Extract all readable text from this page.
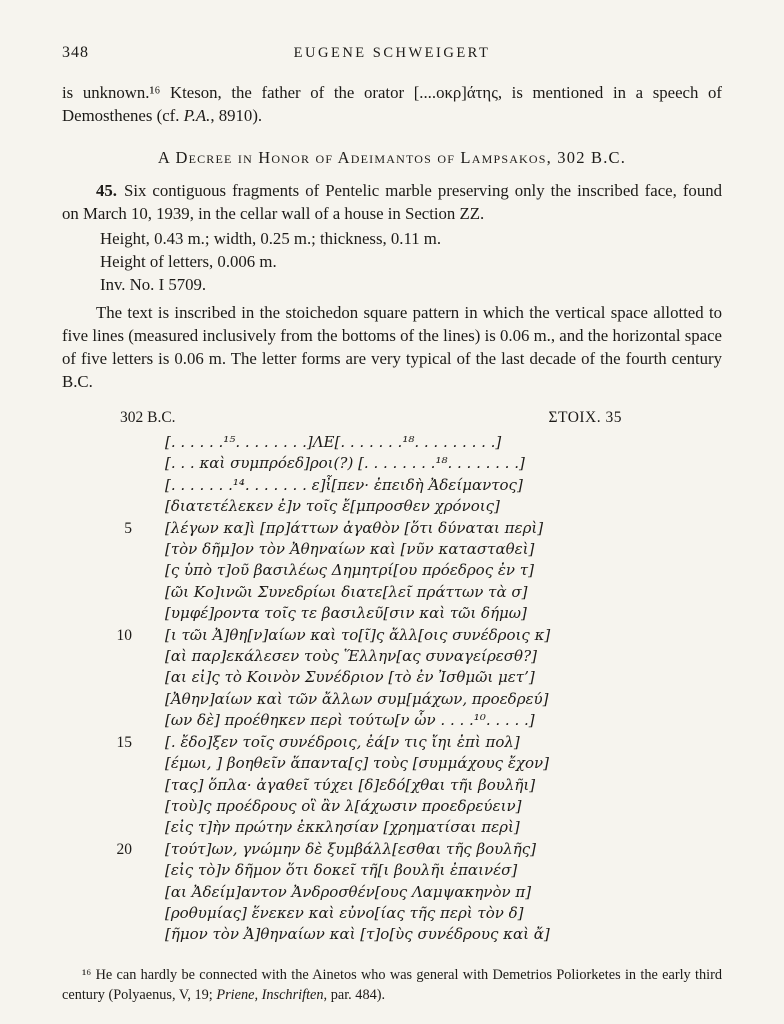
348	EUGENE SCHWEIGERT

is unknown.¹⁶ Kteson, the father of the orator [....οκρ]άτης, is mentioned in a speech of Demosthenes (cf. P.A., 8910).

A Decree in Honor of Adeimantos of Lampsakos, 302 B.C.

45. Six contiguous fragments of Pentelic marble preserving only the inscribed face, found on March 10, 1939, in the cellar wall of a house in Section ZZ.

Height, 0.43 m.; width, 0.25 m.; thickness, 0.11 m.

Height of letters, 0.006 m.

Inv. No. I 5709.

The text is inscribed in the stoichedon square pattern in which the vertical space allotted to five lines (measured inclusively from the bottoms of the lines) is 0.06 m., and the horizontal space of five letters is 0.06 m. The letter forms are very typical of the last decade of the fourth century B.C.

302 B.C.	ΣΤΟΙΧ. 35
[. . . . . .¹⁵. . . . . . . .]ΛΕ[. . . . . . .¹⁸. . . . . . . . .]
[. . . καὶ συμπρόεδ]ροι(?) [. . . . . . . .¹⁸. . . . . . . .]
[. . . . . . .¹⁴. . . . . . . ε]ἶ[πεν· ἐπειδὴ Ἀδείμαντος]
[διατετέλεκεν ἐ]ν τοῖς ἔ[μπροσθεν χρόνοις]
5	[λέγων κα]ὶ [πρ]άττων ἀγαθὸν [ὅτι δύναται περὶ]
[τὸν δῆμ]ον τὸν Ἀθηναίων καὶ [νῦν κατασταθεὶ]
[ς ὑπὸ τ]οῦ βασιλέως Δημητρί[ου πρόεδρος ἐν τ]
[ῶι Κο]ινῶι Συνεδρίωι διατε[λεῖ πράττων τὰ σ]
[υμφέ]ροντα τοῖς τε βασιλεῦ[σιν καὶ τῶι δήμω]
10	[ι τῶι Ἀ]θη[ν]αίων καὶ το[ῖ]ς ἄλλ[οις συνέδροις κ]
[αὶ παρ]εκάλεσεν τοὺς Ἕλλην[ας συναγείρεσθ?]
[αι εἰ]ς τὸ Κοινὸν Συνέδριον [τὸ ἐν Ἰσθμῶι μετ’]
[Ἀθην]αίων καὶ τῶν ἄλλων συμ[μάχων, προεδρεύ]
[ων δὲ] προέθηκεν περὶ τούτω[ν ὧν . . . .¹⁰. . . . .]
15	[. ἔδο]ξεν τοῖς συνέδροις, ἐά[ν τις ἴηι ἐπὶ πολ]
[έμωι, ] βοηθεῖν ἅπαντα[ς] τοὺς [συμμάχους ἔχον]
[τας] ὅπλα· ἀγαθεῖ τύχει [δ]εδό[χθαι τῆι βουλῆι]
[τοὺ]ς προέδρους οἳ ἂν λ[άχωσιν προεδρεύειν]
[εἰς τ]ὴν πρώτην ἐκκλησίαν [χρηματίσαι περὶ]
20	[τούτ]ων, γνώμην δὲ ξυμβάλλ[εσθαι τῆς βουλῆς]
[εἰς τὸ]ν δῆμον ὅτι δοκεῖ τῆ[ι βουλῆι ἐπαινέσ]
[αι Ἀδείμ]αντον Ἀνδροσθέν[ους Λαμψακηνὸν π]
[ροθυμίας] ἕνεκεν καὶ εὐνο[ίας τῆς περὶ τὸν δ]
[ῆμον τὸν Ἀ]θηναίων καὶ [τ]ο[ὺς συνέδρους καὶ ἄ]
¹⁶ He can hardly be connected with the Ainetos who was general with Demetrios Poliorketes in the early third century (Polyaenus, V, 19; Priene, Inschriften, par. 484).
